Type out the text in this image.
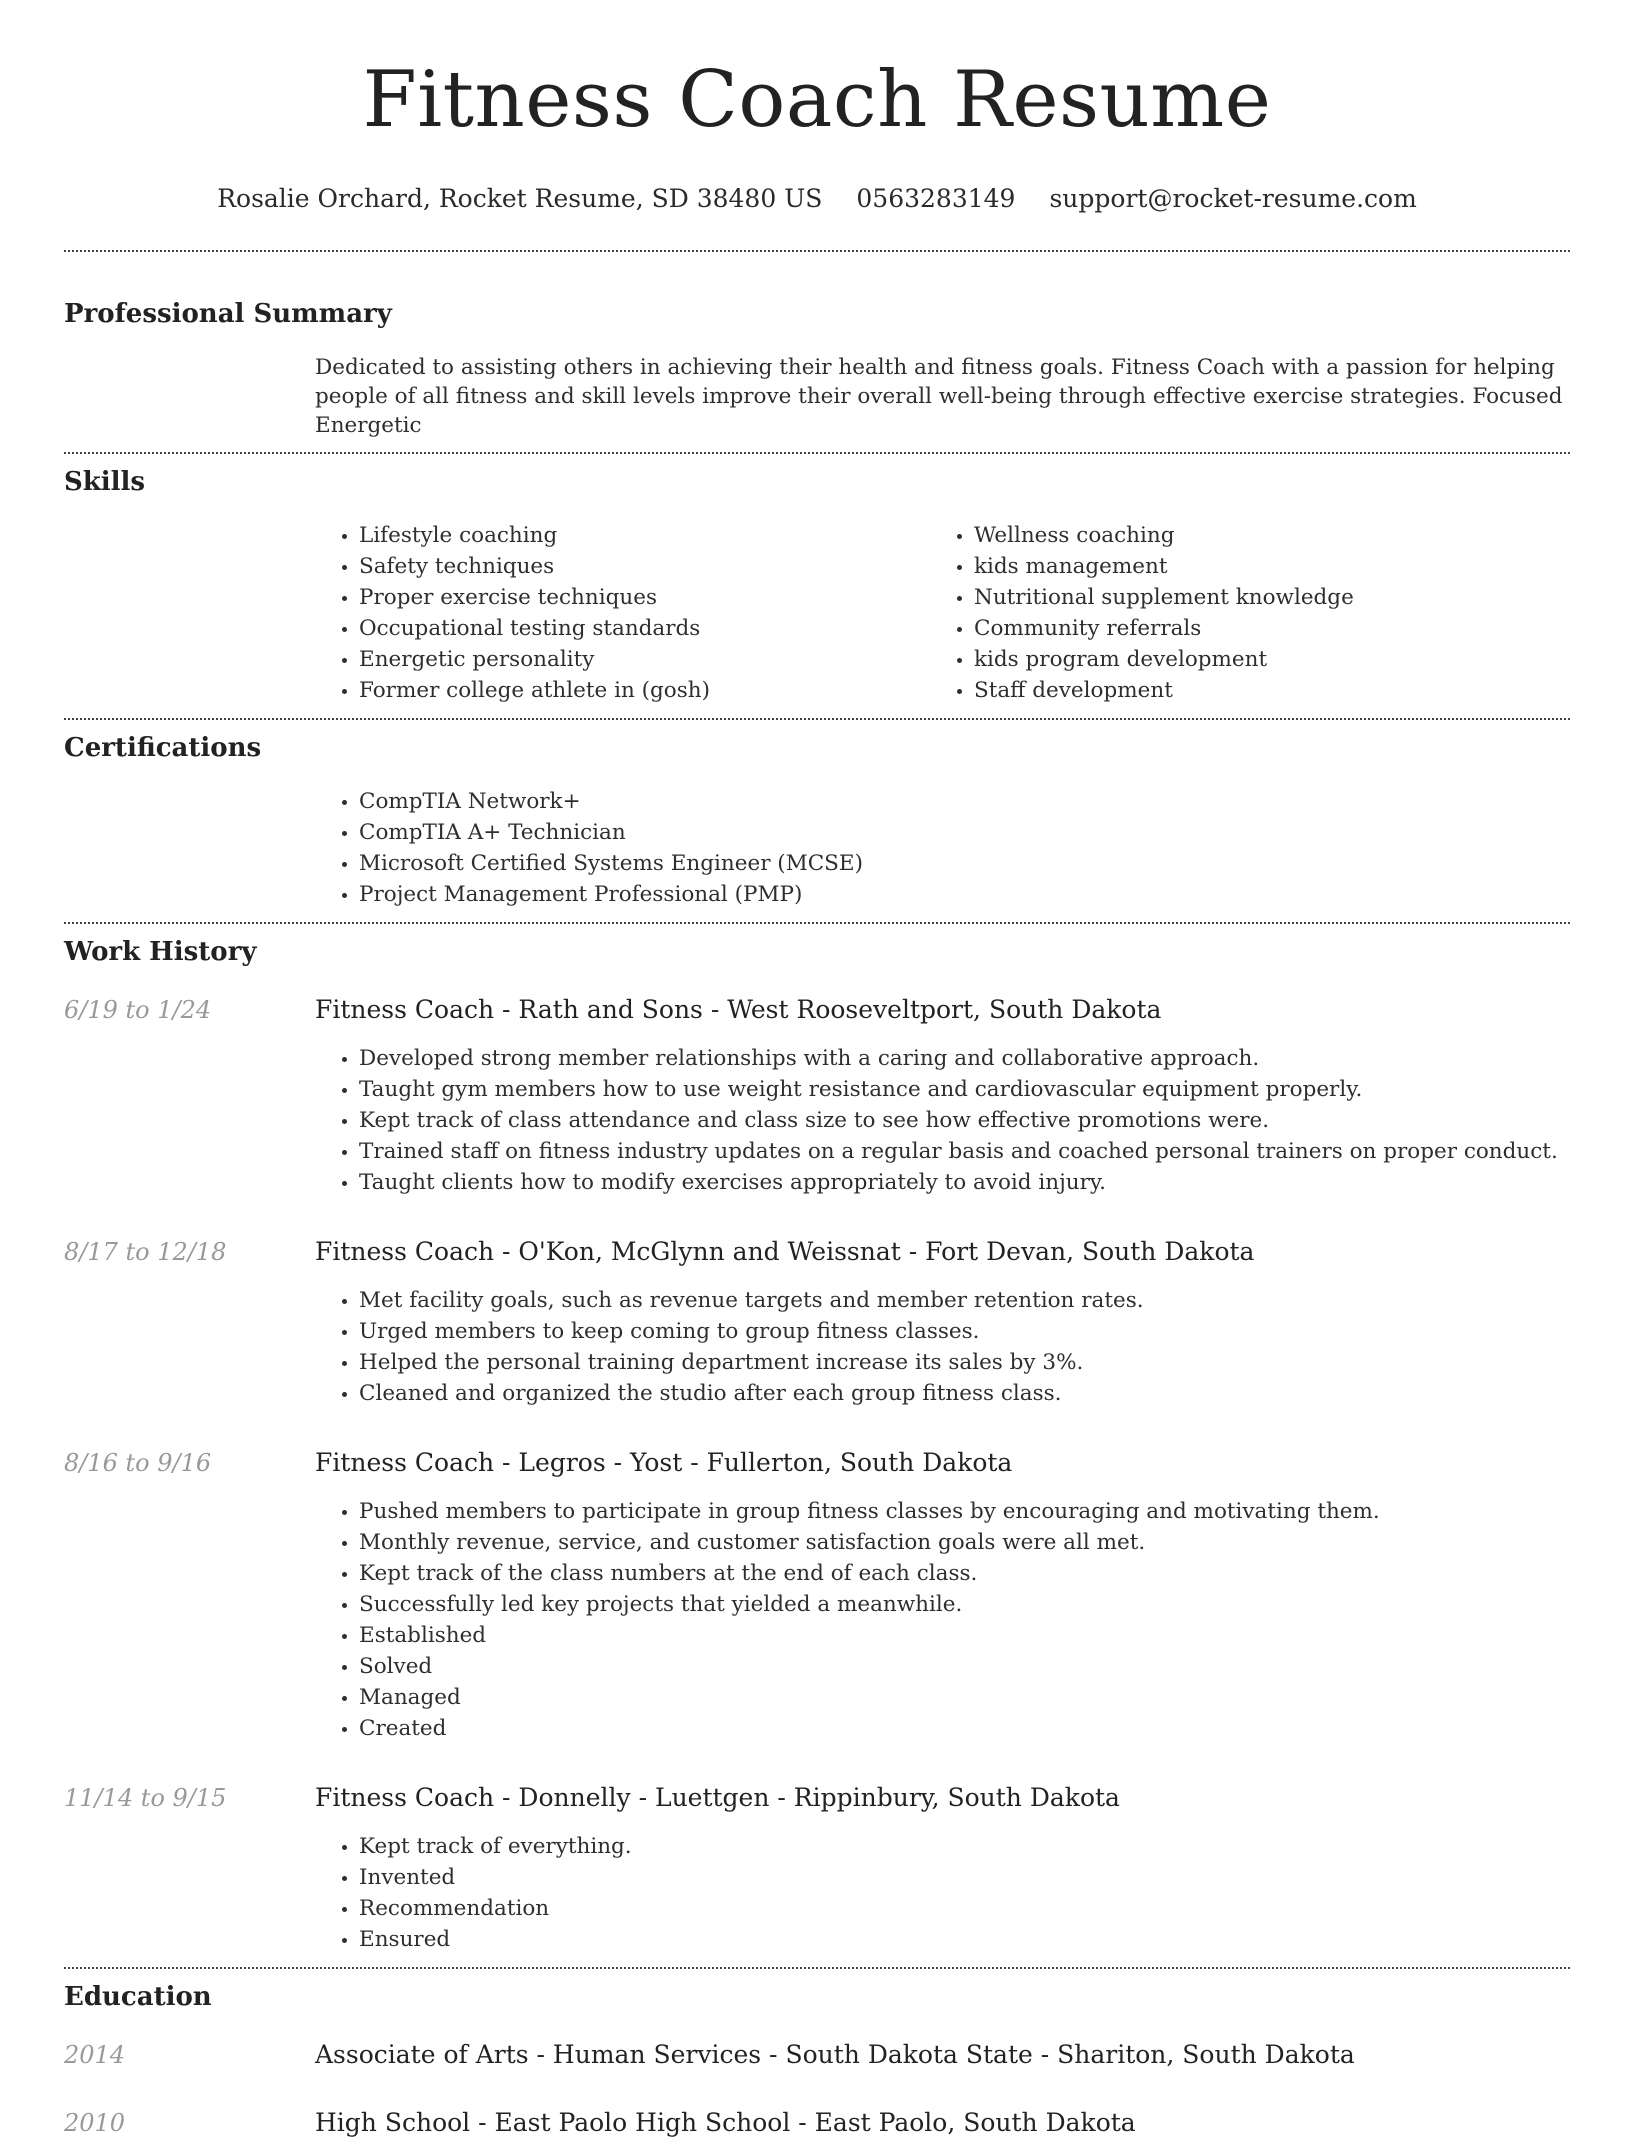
Fitness Coach Resume
Rosalie Orchard, Rocket Resume, SD 38480 US 0563283149 support@rocket-resume.com
Professional Summary

Dedicated to assisting others in achieving their health and fitness goals. Fitness Coach with a passion for helping people of all fitness and skill levels improve their overall well-being through effective exercise strategies. Focused Energetic

Skills
• Lifestyle coaching
• Safety techniques
• Proper exercise techniques
• Occupational testing standards
• Energetic personality
• Former college athlete in (gosh)
• Wellness coaching
• kids management
• Nutritional supplement knowledge
• Community referrals
• kids program development
• Staff development
Certifications
• CompTIA Network+
• CompTIA A+ Technician
• Microsoft Certified Systems Engineer (MCSE)
• Project Management Professional (PMP)
Work History
6/19 to 1/24	Fitness Coach - Rath and Sons - West Rooseveltport, South Dakota
• Developed strong member relationships with a caring and collaborative approach.
• Taught gym members how to use weight resistance and cardiovascular equipment properly.
• Kept track of class attendance and class size to see how effective promotions were.
• Trained staff on fitness industry updates on a regular basis and coached personal trainers on proper conduct.
• Taught clients how to modify exercises appropriately to avoid injury.
8/17 to 12/18	Fitness Coach - O'Kon, McGlynn and Weissnat - Fort Devan, South Dakota
• Met facility goals, such as revenue targets and member retention rates.
• Urged members to keep coming to group fitness classes.
• Helped the personal training department increase its sales by 3%.
• Cleaned and organized the studio after each group fitness class.
8/16 to 9/16	Fitness Coach - Legros - Yost - Fullerton, South Dakota
• Pushed members to participate in group fitness classes by encouraging and motivating them.
• Monthly revenue, service, and customer satisfaction goals were all met.
• Kept track of the class numbers at the end of each class.
• Successfully led key projects that yielded a meanwhile.
• Established
• Solved
• Managed
• Created
11/14 to 9/15	Fitness Coach - Donnelly - Luettgen - Rippinbury, South Dakota
• Kept track of everything.
• Invented
• Recommendation
• Ensured
Education
2014	Associate of Arts - Human Services - South Dakota State - Shariton, South Dakota
2010	High School - East Paolo High School - East Paolo, South Dakota
